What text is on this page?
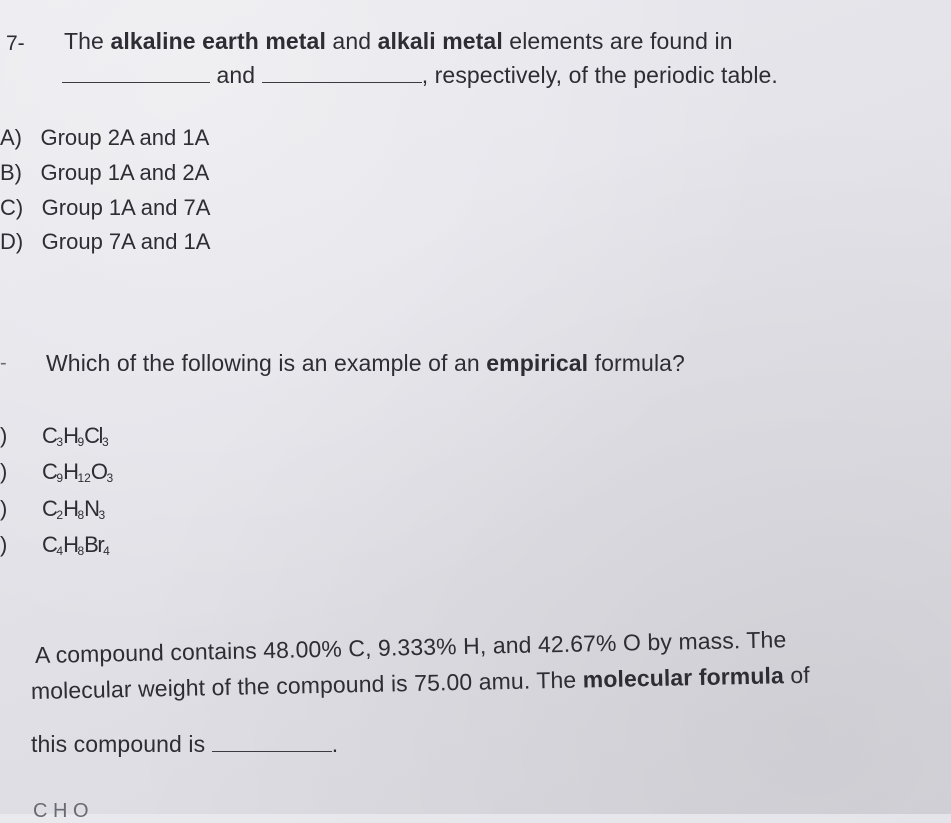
7- The alkaline earth metal and alkali metal elements are found in
and	, respectively, of the periodic table.
A) Group 2A and 1A
B) Group 1A and 2A
C) Group 1A and 7A
D) Group 7A and 1A
- Which of the following is an example of an empirical formula?
) $C_3H_9Cl_3$
) $C_9H_{12}O_3$
) $C_2H_8N_3$
) $C_4H_8Br_4$
A compound contains 48.00% C, 9.333% H, and 42.67% O by mass. The
molecular weight of the compound is 75.00 amu. The molecular formula of
this compound is	.
C H O
